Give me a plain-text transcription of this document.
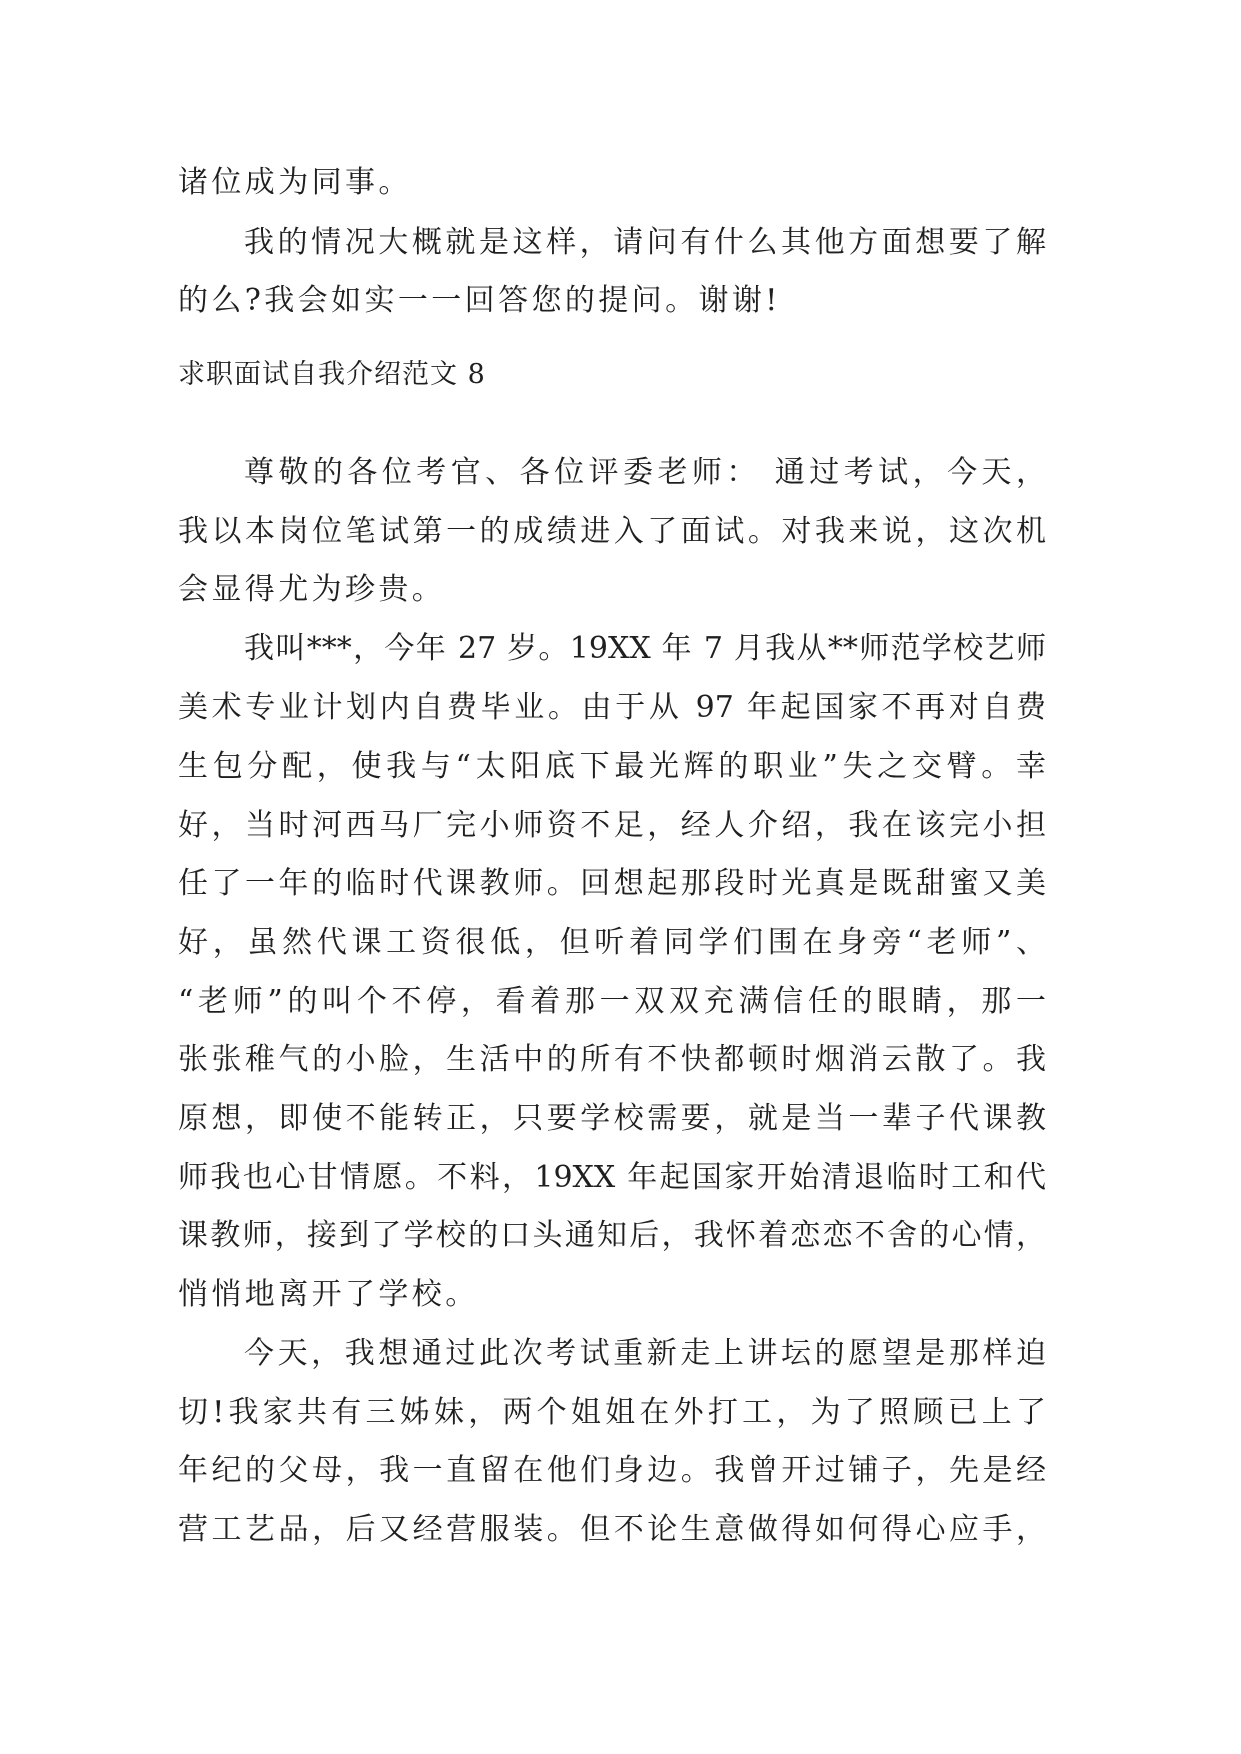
诸位成为同事。
我的情况大概就是这样，请问有什么其他方面想要了解
的么?我会如实一一回答您的提问。谢谢!
求职面试自我介绍范文 8
尊敬的各位考官、各位评委老师： 通过考试，今天，
我以本岗位笔试第一的成绩进入了面试。对我来说，这次机
会显得尤为珍贵。
我叫***，今年 27 岁。19XX 年 7 月我从**师范学校艺师
美术专业计划内自费毕业。由于从 97 年起国家不再对自费
生包分配，使我与“太阳底下最光辉的职业”失之交臂。幸
好，当时河西马厂完小师资不足，经人介绍，我在该完小担
任了一年的临时代课教师。回想起那段时光真是既甜蜜又美
好，虽然代课工资很低，但听着同学们围在身旁“老师”、
“老师”的叫个不停，看着那一双双充满信任的眼睛，那一
张张稚气的小脸，生活中的所有不快都顿时烟消云散了。我
原想，即使不能转正，只要学校需要，就是当一辈子代课教
师我也心甘情愿。不料，19XX 年起国家开始清退临时工和代
课教师，接到了学校的口头通知后，我怀着恋恋不舍的心情，
悄悄地离开了学校。
今天，我想通过此次考试重新走上讲坛的愿望是那样迫
切!我家共有三姊妹，两个姐姐在外打工，为了照顾已上了
年纪的父母，我一直留在他们身边。我曾开过铺子，先是经
营工艺品，后又经营服装。但不论生意做得如何得心应手，
